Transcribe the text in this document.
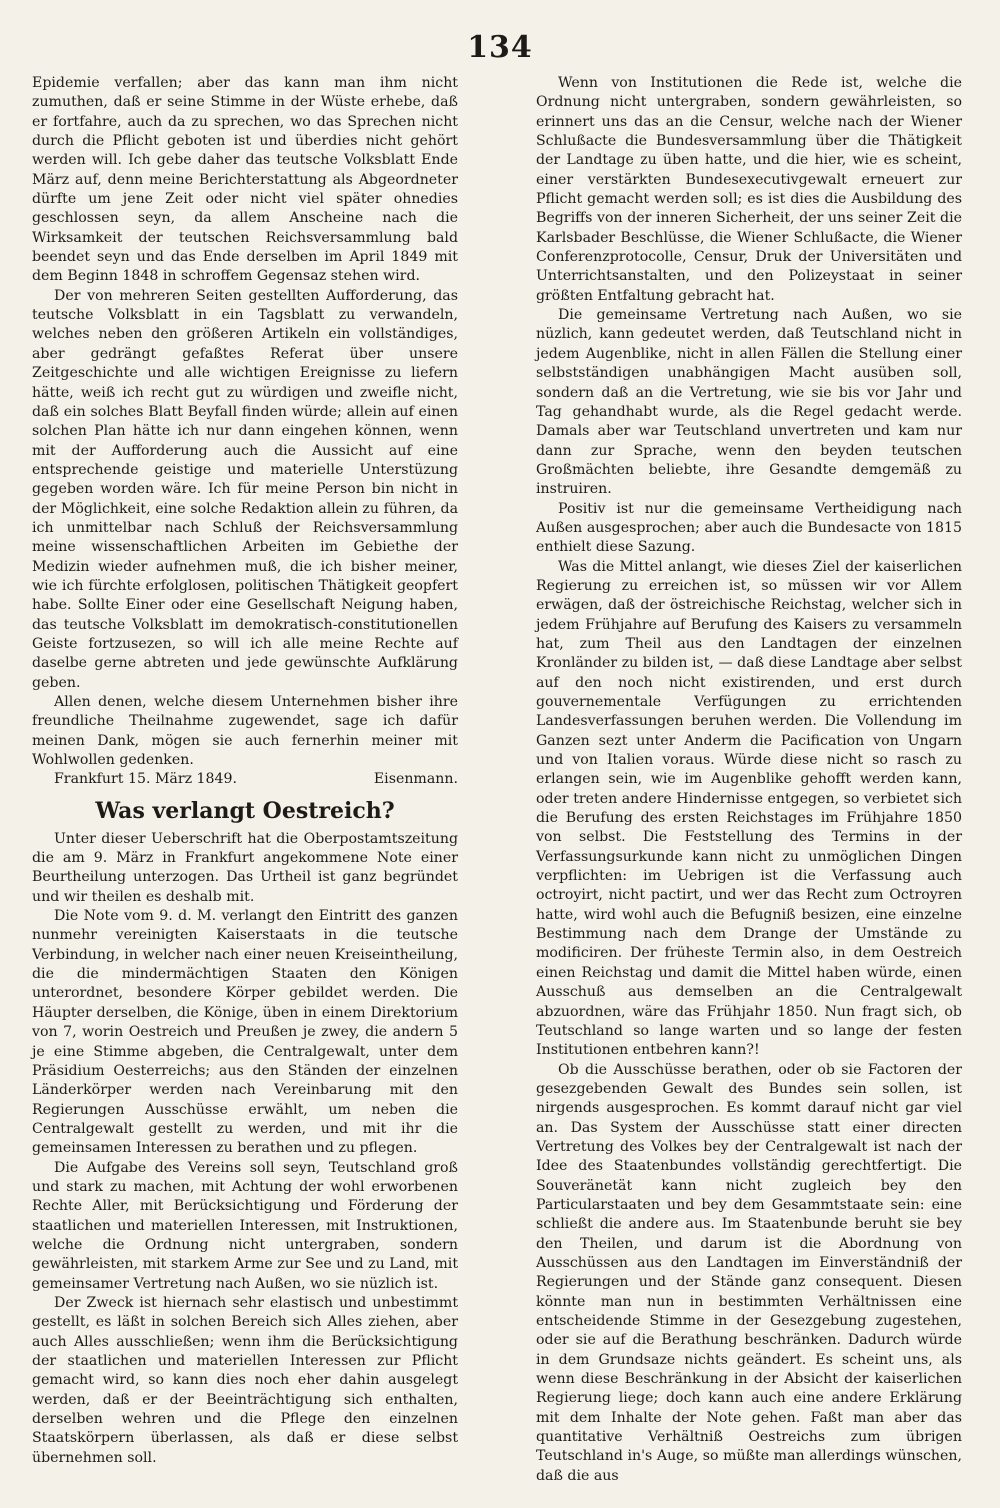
134

Epidemie verfallen; aber das kann man ihm nicht zumuthen, daß er seine Stimme in der Wüste erhebe, daß er fortfahre, auch da zu sprechen, wo das Sprechen nicht durch die Pflicht geboten ist und überdies nicht gehört werden will. Ich gebe daher das teutsche Volksblatt Ende März auf, denn meine Berichterstattung als Abgeordneter dürfte um jene Zeit oder nicht viel später ohnedies geschlossen seyn, da allem Anscheine nach die Wirksamkeit der teutschen Reichsversammlung bald beendet seyn und das Ende derselben im April 1849 mit dem Beginn 1848 in schroffem Gegensaz stehen wird.

Der von mehreren Seiten gestellten Aufforderung, das teutsche Volksblatt in ein Tagsblatt zu verwandeln, welches neben den größeren Artikeln ein vollständiges, aber gedrängt gefaßtes Referat über unsere Zeitgeschichte und alle wichtigen Ereignisse zu liefern hätte, weiß ich recht gut zu würdigen und zweifle nicht, daß ein solches Blatt Beyfall finden würde; allein auf einen solchen Plan hätte ich nur dann eingehen können, wenn mit der Aufforderung auch die Aussicht auf eine entsprechende geistige und materielle Unterstüzung gegeben worden wäre. Ich für meine Person bin nicht in der Möglichkeit, eine solche Redaktion allein zu führen, da ich unmittelbar nach Schluß der Reichsversammlung meine wissenschaftlichen Arbeiten im Gebiethe der Medizin wieder aufnehmen muß, die ich bisher meiner, wie ich fürchte erfolglosen, politischen Thätigkeit geopfert habe. Sollte Einer oder eine Gesellschaft Neigung haben, das teutsche Volksblatt im demokratisch-constitutionellen Geiste fortzusezen, so will ich alle meine Rechte auf daselbe gerne abtreten und jede gewünschte Aufklärung geben.

Allen denen, welche diesem Unternehmen bisher ihre freundliche Theilnahme zugewendet, sage ich dafür meinen Dank, mögen sie auch fernerhin meiner mit Wohlwollen gedenken.

Frankfurt 15. März 1849.	Eisenmann.

Was verlangt Oestreich?

Unter dieser Ueberschrift hat die Oberpostamtszeitung die am 9. März in Frankfurt angekommene Note einer Beurtheilung unterzogen. Das Urtheil ist ganz begründet und wir theilen es deshalb mit.

Die Note vom 9. d. M. verlangt den Eintritt des ganzen nunmehr vereinigten Kaiserstaats in die teutsche Verbindung, in welcher nach einer neuen Kreiseintheilung, die die mindermächtigen Staaten den Königen unterordnet, besondere Körper gebildet werden. Die Häupter derselben, die Könige, üben in einem Direktorium von 7, worin Oestreich und Preußen je zwey, die andern 5 je eine Stimme abgeben, die Centralgewalt, unter dem Präsidium Oesterreichs; aus den Ständen der einzelnen Länderkörper werden nach Vereinbarung mit den Regierungen Ausschüsse erwählt, um neben die Centralgewalt gestellt zu werden, und mit ihr die gemeinsamen Interessen zu berathen und zu pflegen.

Die Aufgabe des Vereins soll seyn, Teutschland groß und stark zu machen, mit Achtung der wohl erworbenen Rechte Aller, mit Berücksichtigung und Förderung der staatlichen und materiellen Interessen, mit Instruktionen, welche die Ordnung nicht untergraben, sondern gewährleisten, mit starkem Arme zur See und zu Land, mit gemeinsamer Vertretung nach Außen, wo sie nüzlich ist.

Der Zweck ist hiernach sehr elastisch und unbestimmt gestellt, es läßt in solchen Bereich sich Alles ziehen, aber auch Alles ausschließen; wenn ihm die Berücksichtigung der staatlichen und materiellen Interessen zur Pflicht gemacht wird, so kann dies noch eher dahin ausgelegt werden, daß er der Beeinträchtigung sich enthalten, derselben wehren und die Pflege den einzelnen Staatskörpern überlassen, als daß er diese selbst übernehmen soll.

Wenn von Institutionen die Rede ist, welche die Ordnung nicht untergraben, sondern gewährleisten, so erinnert uns das an die Censur, welche nach der Wiener Schlußacte die Bundesversammlung über die Thätigkeit der Landtage zu üben hatte, und die hier, wie es scheint, einer verstärkten Bundesexecutivgewalt erneuert zur Pflicht gemacht werden soll; es ist dies die Ausbildung des Begriffs von der inneren Sicherheit, der uns seiner Zeit die Karlsbader Beschlüsse, die Wiener Schlußacte, die Wiener Conferenzprotocolle, Censur, Druk der Universitäten und Unterrichtsanstalten, und den Polizeystaat in seiner größten Entfaltung gebracht hat.

Die gemeinsame Vertretung nach Außen, wo sie nüzlich, kann gedeutet werden, daß Teutschland nicht in jedem Augenblike, nicht in allen Fällen die Stellung einer selbstständigen unabhängigen Macht ausüben soll, sondern daß an die Vertretung, wie sie bis vor Jahr und Tag gehandhabt wurde, als die Regel gedacht werde. Damals aber war Teutschland unvertreten und kam nur dann zur Sprache, wenn den beyden teutschen Großmächten beliebte, ihre Gesandte demgemäß zu instruiren.

Positiv ist nur die gemeinsame Vertheidigung nach Außen ausgesprochen; aber auch die Bundesacte von 1815 enthielt diese Sazung.

Was die Mittel anlangt, wie dieses Ziel der kaiserlichen Regierung zu erreichen ist, so müssen wir vor Allem erwägen, daß der östreichische Reichstag, welcher sich in jedem Frühjahre auf Berufung des Kaisers zu versammeln hat, zum Theil aus den Landtagen der einzelnen Kronländer zu bilden ist, — daß diese Landtage aber selbst auf den noch nicht existirenden, und erst durch gouvernementale Verfügungen zu errichtenden Landesverfassungen beruhen werden. Die Vollendung im Ganzen sezt unter Anderm die Pacification von Ungarn und von Italien voraus. Würde diese nicht so rasch zu erlangen sein, wie im Augenblike gehofft werden kann, oder treten andere Hindernisse entgegen, so verbietet sich die Berufung des ersten Reichstages im Frühjahre 1850 von selbst. Die Feststellung des Termins in der Verfassungsurkunde kann nicht zu unmöglichen Dingen verpflichten: im Uebrigen ist die Verfassung auch octroyirt, nicht pactirt, und wer das Recht zum Octroyren hatte, wird wohl auch die Befugniß besizen, eine einzelne Bestimmung nach dem Drange der Umstände zu modificiren. Der früheste Termin also, in dem Oestreich einen Reichstag und damit die Mittel haben würde, einen Ausschuß aus demselben an die Centralgewalt abzuordnen, wäre das Frühjahr 1850. Nun fragt sich, ob Teutschland so lange warten und so lange der festen Institutionen entbehren kann?!

Ob die Ausschüsse berathen, oder ob sie Factoren der gesezgebenden Gewalt des Bundes sein sollen, ist nirgends ausgesprochen. Es kommt darauf nicht gar viel an. Das System der Ausschüsse statt einer directen Vertretung des Volkes bey der Centralgewalt ist nach der Idee des Staatenbundes vollständig gerechtfertigt. Die Souveränetät kann nicht zugleich bey den Particularstaaten und bey dem Gesammtstaate sein: eine schließt die andere aus. Im Staatenbunde beruht sie bey den Theilen, und darum ist die Abordnung von Ausschüssen aus den Landtagen im Einverständniß der Regierungen und der Stände ganz consequent. Diesen könnte man nun in bestimmten Verhältnissen eine entscheidende Stimme in der Gesezgebung zugestehen, oder sie auf die Berathung beschränken. Dadurch würde in dem Grundsaze nichts geändert. Es scheint uns, als wenn diese Beschränkung in der Absicht der kaiserlichen Regierung liege; doch kann auch eine andere Erklärung mit dem Inhalte der Note gehen. Faßt man aber das quantitative Verhältniß Oestreichs zum übrigen Teutschland in's Auge, so müßte man allerdings wünschen, daß die aus
